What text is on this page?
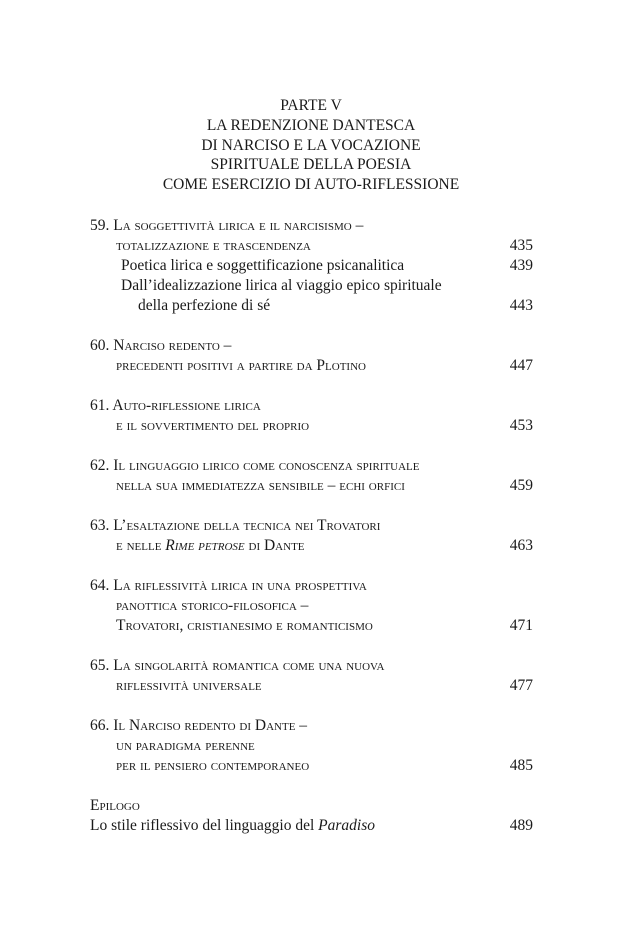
PARTE V
LA REDENZIONE DANTESCA
DI NARCISO E LA VOCAZIONE
SPIRITUALE DELLA POESIA
COME ESERCIZIO DI AUTO-RIFLESSIONE
59. La soggettività lirica e il narcisismo –
totalizzazione e trascendenza	435
Poetica lirica e soggettificazione psicanalitica	439
Dall’idealizzazione lirica al viaggio epico spirituale
della perfezione di sé	443
60. Narciso redento –
precedenti positivi a partire da Plotino	447
61. Auto-riflessione lirica
e il sovvertimento del proprio	453
62. Il linguaggio lirico come conoscenza spirituale
nella sua immediatezza sensibile – echi orfici	459
63. L’esaltazione della tecnica nei Trovatori
e nelle Rime petrose di Dante	463
64. La riflessività lirica in una prospettiva
panottica storico-filosofica –
Trovatori, cristianesimo e romanticismo	471
65. La singolarità romantica come una nuova
riflessività universale	477
66. Il Narciso redento di Dante –
un paradigma perenne
per il pensiero contemporaneo	485
Epilogo
Lo stile riflessivo del linguaggio del Paradiso	489
